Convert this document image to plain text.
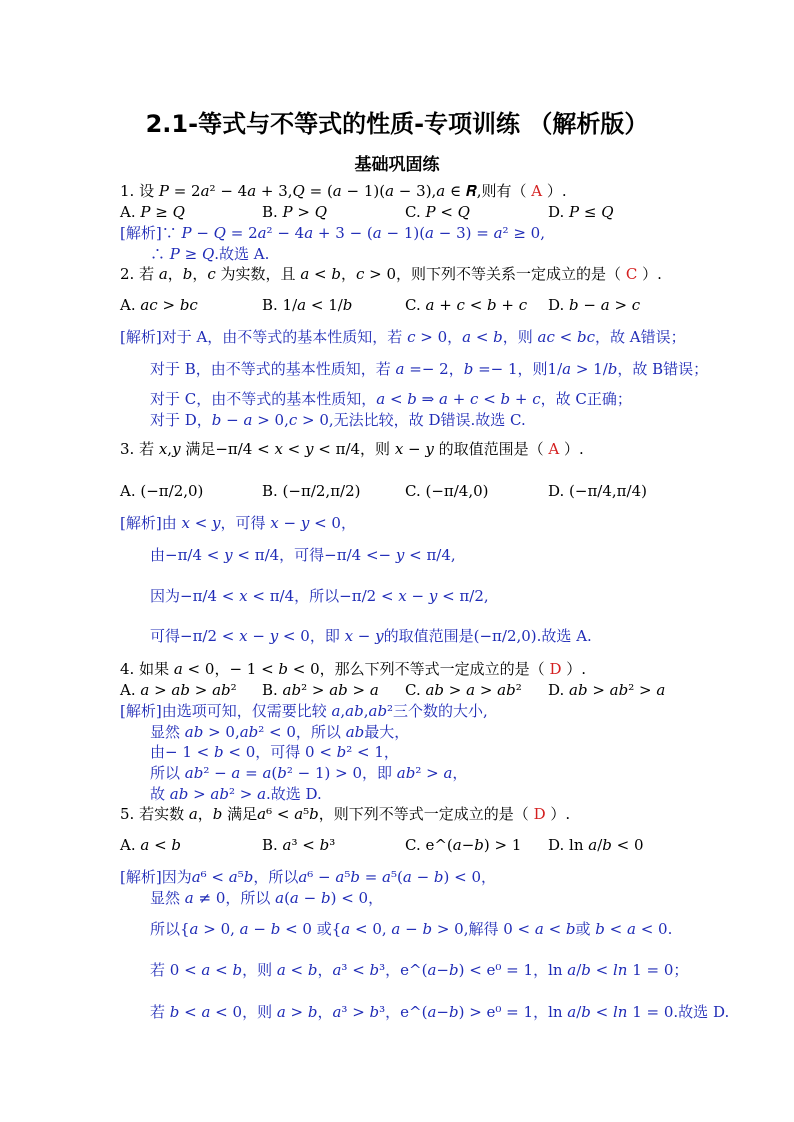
2.1-等式与不等式的性质-专项训练 （解析版）
基础巩固练
1. 设 𝑃 = 2𝑎² − 4𝑎 + 3,𝑄 = (𝑎 − 1)(𝑎 − 3),𝑎 ∈ 𝑹,则有（ A ）.
A. 𝑃 ≥ 𝑄	B. 𝑃 > 𝑄	C. 𝑃 < 𝑄	D. 𝑃 ≤ 𝑄
[解析]∵ 𝑃 − 𝑄 = 2𝑎² − 4𝑎 + 3 − (𝑎 − 1)(𝑎 − 3) = 𝑎² ≥ 0,
∴ 𝑃 ≥ 𝑄.故选 A.
2. 若 𝑎，𝑏，𝑐 为实数，且 𝑎 < 𝑏，𝑐 > 0，则下列不等关系一定成立的是（ C ）.
A. 𝑎𝑐 > 𝑏𝑐	B. 1/𝑎 < 1/𝑏	C. 𝑎 + 𝑐 < 𝑏 + 𝑐 D. 𝑏 − 𝑎 > 𝑐
[解析]对于 A，由不等式的基本性质知，若 𝑐 > 0，𝑎 < 𝑏，则 𝑎𝑐 < 𝑏𝑐，故 A错误；
对于 B，由不等式的基本性质知，若 𝑎 =− 2，𝑏 =− 1，则1/𝑎 > 1/𝑏，故 B错误；
对于 C，由不等式的基本性质知，𝑎 < 𝑏 ⇒ 𝑎 + 𝑐 < 𝑏 + 𝑐，故 C正确；
对于 D，𝑏 − 𝑎 > 0,𝑐 > 0,无法比较，故 D错误.故选 C.
3. 若 𝑥,𝑦 满足−π/4 < 𝑥 < 𝑦 < π/4，则 𝑥 − 𝑦 的取值范围是（ A ）.
A. (−π/2,0)	B. (−π/2,π/2)	C. (−π/4,0)	D. (−π/4,π/4)
[解析]由 𝑥 < 𝑦，可得 𝑥 − 𝑦 < 0，
由−π/4 < 𝑦 < π/4，可得−π/4 <− 𝑦 < π/4,
因为−π/4 < 𝑥 < π/4，所以−π/2 < 𝑥 − 𝑦 < π/2,
可得−π/2 < 𝑥 − 𝑦 < 0，即 𝑥 − 𝑦的取值范围是(−π/2,0).故选 A.
4. 如果 𝑎 < 0，− 1 < 𝑏 < 0，那么下列不等式一定成立的是（ D ）.
A. 𝑎 > 𝑎𝑏 > 𝑎𝑏² B. 𝑎𝑏² > 𝑎𝑏 > 𝑎 C. 𝑎𝑏 > 𝑎 > 𝑎𝑏² D. 𝑎𝑏 > 𝑎𝑏² > 𝑎
[解析]由选项可知，仅需要比较 𝑎,𝑎𝑏,𝑎𝑏²三个数的大小,
显然 𝑎𝑏 > 0,𝑎𝑏² < 0，所以 𝑎𝑏最大，
由− 1 < 𝑏 < 0，可得 0 < 𝑏² < 1，
所以 𝑎𝑏² − 𝑎 = 𝑎(𝑏² − 1) > 0，即 𝑎𝑏² > 𝑎，
故 𝑎𝑏 > 𝑎𝑏² > 𝑎.故选 D.
5. 若实数 𝑎，𝑏 满足𝑎⁶ < 𝑎⁵𝑏，则下列不等式一定成立的是（ D ）.
A. 𝑎 < 𝑏	B. 𝑎³ < 𝑏³	C. e^(𝑎−𝑏) > 1 D. ln 𝑎/𝑏 < 0
[解析]因为𝑎⁶ < 𝑎⁵𝑏，所以𝑎⁶ − 𝑎⁵𝑏 = 𝑎⁵(𝑎 − 𝑏) < 0，
显然 𝑎 ≠ 0，所以 𝑎(𝑎 − 𝑏) < 0，
所以{𝑎 > 0, 𝑎 − 𝑏 < 0 或{𝑎 < 0, 𝑎 − 𝑏 > 0,解得 0 < 𝑎 < 𝑏或 𝑏 < 𝑎 < 0.
若 0 < 𝑎 < 𝑏，则 𝑎 < 𝑏，𝑎³ < 𝑏³，e^(𝑎−𝑏) < e⁰ = 1，ln 𝑎/𝑏 < 𝑙𝑛 1 = 0；
若 𝑏 < 𝑎 < 0，则 𝑎 > 𝑏，𝑎³ > 𝑏³，e^(𝑎−𝑏) > e⁰ = 1，ln 𝑎/𝑏 < 𝑙𝑛 1 = 0.故选 D.
